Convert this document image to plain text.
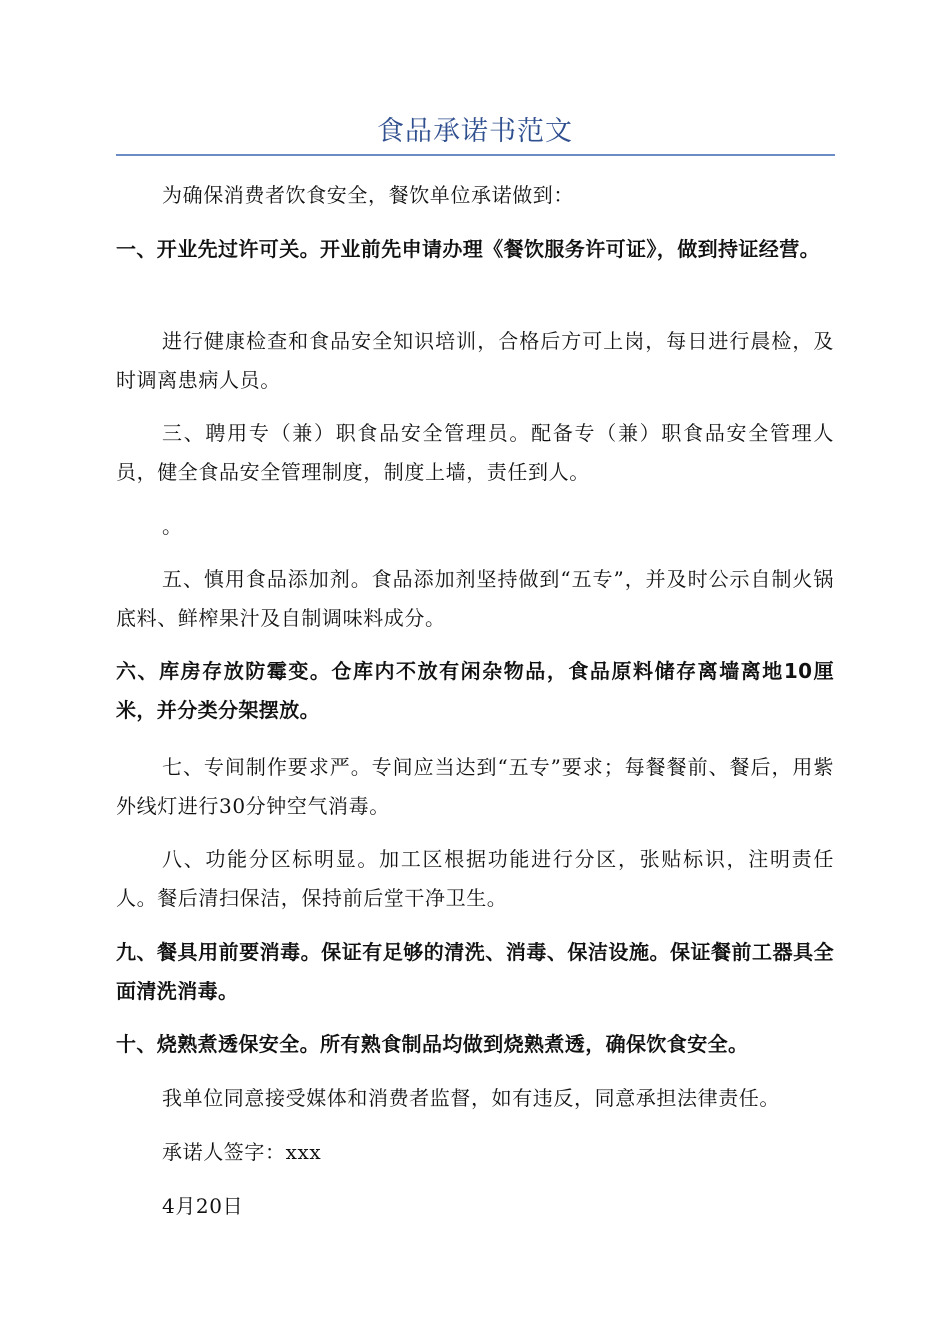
食品承诺书范文

为确保消费者饮食安全，餐饮单位承诺做到：

一、开业先过许可关。开业前先申请办理《餐饮服务许可证》，做到持证经营。

进行健康检查和食品安全知识培训，合格后方可上岗，每日进行晨检，及时调离患病人员。

三、聘用专（兼）职食品安全管理员。配备专（兼）职食品安全管理人员，健全食品安全管理制度，制度上墙，责任到人。

。

五、慎用食品添加剂。食品添加剂坚持做到“五专”，并及时公示自制火锅底料、鲜榨果汁及自制调味料成分。

六、库房存放防霉变。仓库内不放有闲杂物品，食品原料储存离墙离地10厘米，并分类分架摆放。

七、专间制作要求严。专间应当达到“五专”要求；每餐餐前、餐后，用紫外线灯进行30分钟空气消毒。

八、功能分区标明显。加工区根据功能进行分区，张贴标识，注明责任人。餐后清扫保洁，保持前后堂干净卫生。

九、餐具用前要消毒。保证有足够的清洗、消毒、保洁设施。保证餐前工器具全面清洗消毒。

十、烧熟煮透保安全。所有熟食制品均做到烧熟煮透，确保饮食安全。

我单位同意接受媒体和消费者监督，如有违反，同意承担法律责任。

承诺人签字：xxx

4月20日
